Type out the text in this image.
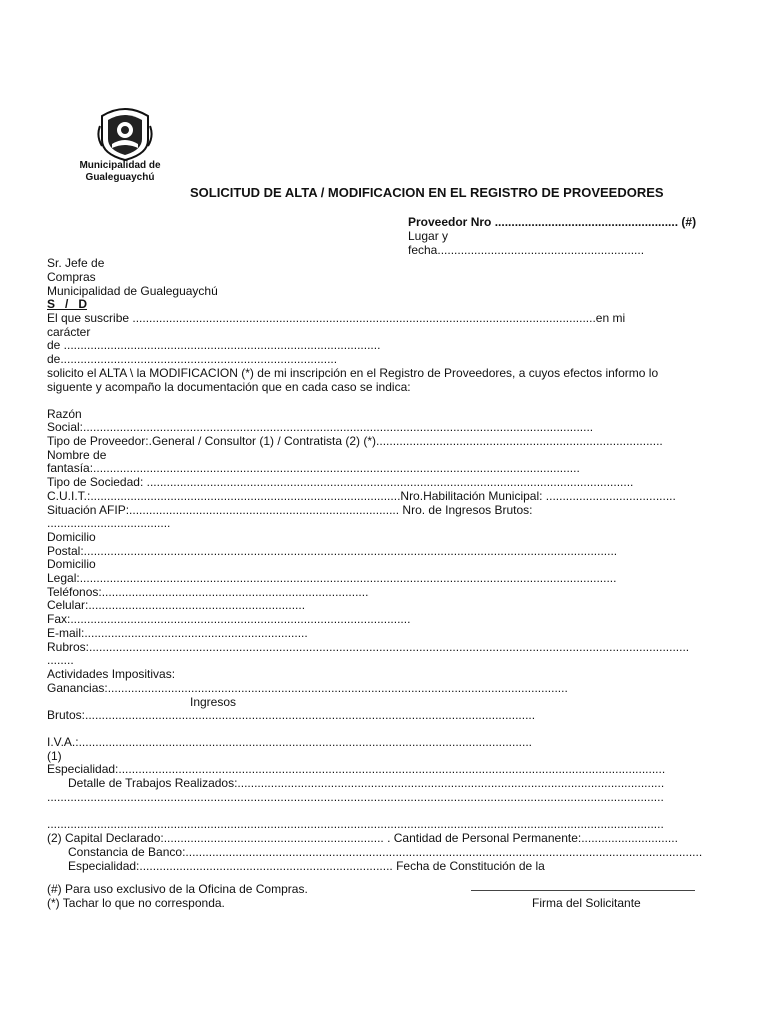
Municipalidad de
Gualeguaychú
SOLICITUD DE ALTA / MODIFICACION EN EL REGISTRO DE PROVEEDORES
Proveedor Nro ....................................................... (#)
Lugar y
fecha..............................................................
Sr. Jefe de
Compras
Municipalidad de Gualeguaychú
S   /   D
El que suscribe ...........................................................................................................................................en mi
carácter
de ...............................................................................................
de...................................................................................
solicito el ALTA \ la MODIFICACION (*) de mi inscripción en el Registro de Proveedores, a cuyos efectos informo lo
siguente y acompaño la documentación que en cada caso se indica:
Razón
Social:.........................................................................................................................................................
Tipo de Proveedor:.General / Consultor (1) / Contratista (2) (*)......................................................................................
Nombre de
fantasía:..................................................................................................................................................
Tipo de Sociedad: ..................................................................................................................................................
C.U.I.T.:.............................................................................................Nro.Habilitación Municipal: .......................................
Situación AFIP:................................................................................. Nro. de Ingresos Brutos:
.....................................
Domicilio
Postal:................................................................................................................................................................
Domicilio
Legal:.................................................................................................................................................................
Teléfonos:................................................................................
Celular:.................................................................
Fax:......................................................................................................
E-mail:...................................................................
Rubros:....................................................................................................................................................................................
........
Actividades Impositivas:
Ganancias:..........................................................................................................................................
Ingresos
Brutos:.......................................................................................................................................
I.V.A.:........................................................................................................................................
(1)
Especialidad:....................................................................................................................................................................
Detalle de Trabajos Realizados:................................................................................................................................
.........................................................................................................................................................................................
.........................................................................................................................................................................................
(2) Capital Declarado:.................................................................. . Cantidad de Personal Permanente:.............................
Constancia de Banco:...........................................................................................................................................................
Especialidad:............................................................................ Fecha de Constitución de la
(#) Para uso exclusivo de la Oficina de Compras.
(*) Tachar lo que no corresponda.	Firma del Solicitante
